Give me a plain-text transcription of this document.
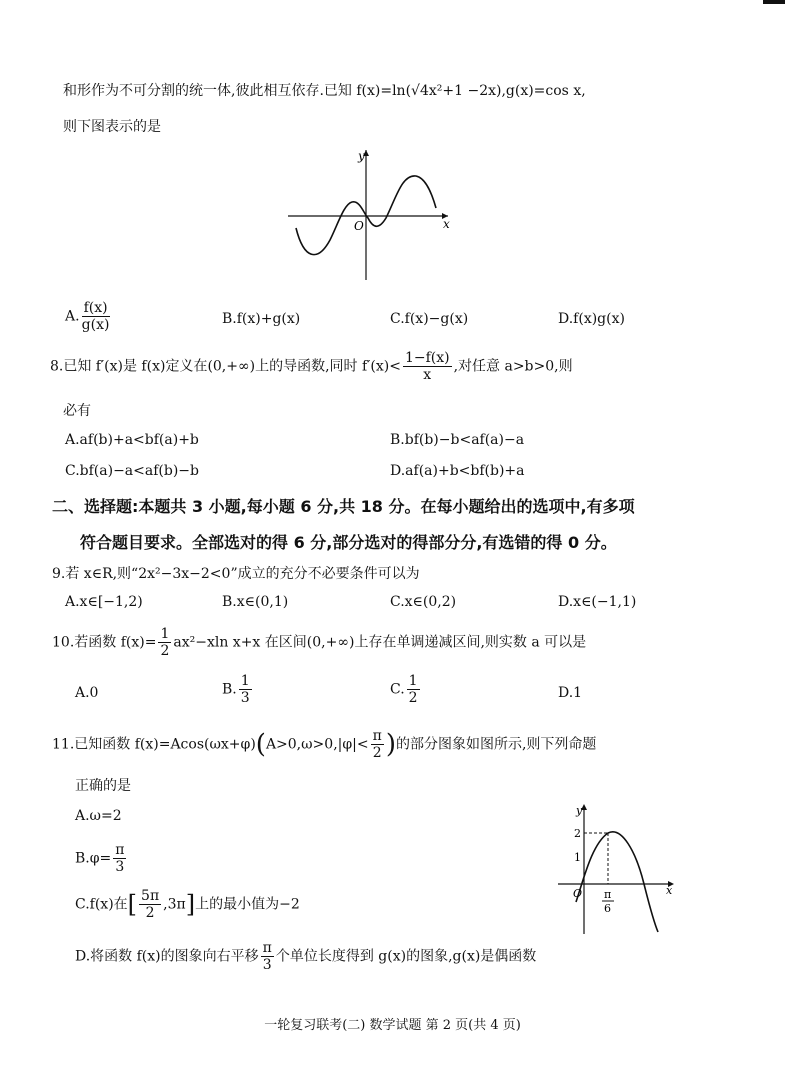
和形作为不可分割的统一体,彼此相互依存.已知 f(x)=ln(√4x²+1 −2x),g(x)=cos x,
则下图表示的是
y
x
O
A. $\frac{f(x)}{g(x)}$	B.f(x)+g(x)	C.f(x)−g(x)	D.f(x)g(x)
8.已知 f′(x)是 f(x)定义在(0,+∞)上的导函数,同时 $f'(x)< \frac{1-f(x)}{x}$ ,对任意 a>b>0,则
必有
A.af(b)+a<bf(a)+b	B.bf(b)−b<af(a)−a
C.bf(a)−a<af(b)−b	D.af(a)+b<bf(b)+a
二、选择题:本题共 3 小题,每小题 6 分,共 18 分。在每小题给出的选项中,有多项
符合题目要求。全部选对的得 6 分,部分选对的得部分分,有选错的得 0 分。
9.若 x∈R,则“2x²−3x−2<0”成立的充分不必要条件可以为
A.x∈[−1,2)	B.x∈(0,1)	C.x∈(0,2)	D.x∈(−1,1)
10.若函数 $f(x)= \frac{1}{2} ax^2-xln$ x+x 在区间(0,+∞)上存在单调递减区间,则实数 a 可以是
A.0	B. $\frac{1}{3}$	C. $\frac{1}{2}$	D.1
11.已知函数 $f(x)=Acos(\omega x+\varphi)(A>0,\omega>0,|\varphi|< \frac{\pi}{2}$ )的部分图象如图所示,则下列命题
正确的是
A.ω=2
$B.\varphi= \frac{\pi}{3}$
C.f(x)在[ $\frac{5\pi}{2} ,3\pi$]上的最小值为−2
D.将函数 f(x)的图象向右平移 $\frac{\pi}{3}$ 个单位长度得到 g(x)的图象,g(x)是偶函数
y
x
O
2
1
π
6
一轮复习联考(二) 数学试题 第 2 页(共 4 页)
